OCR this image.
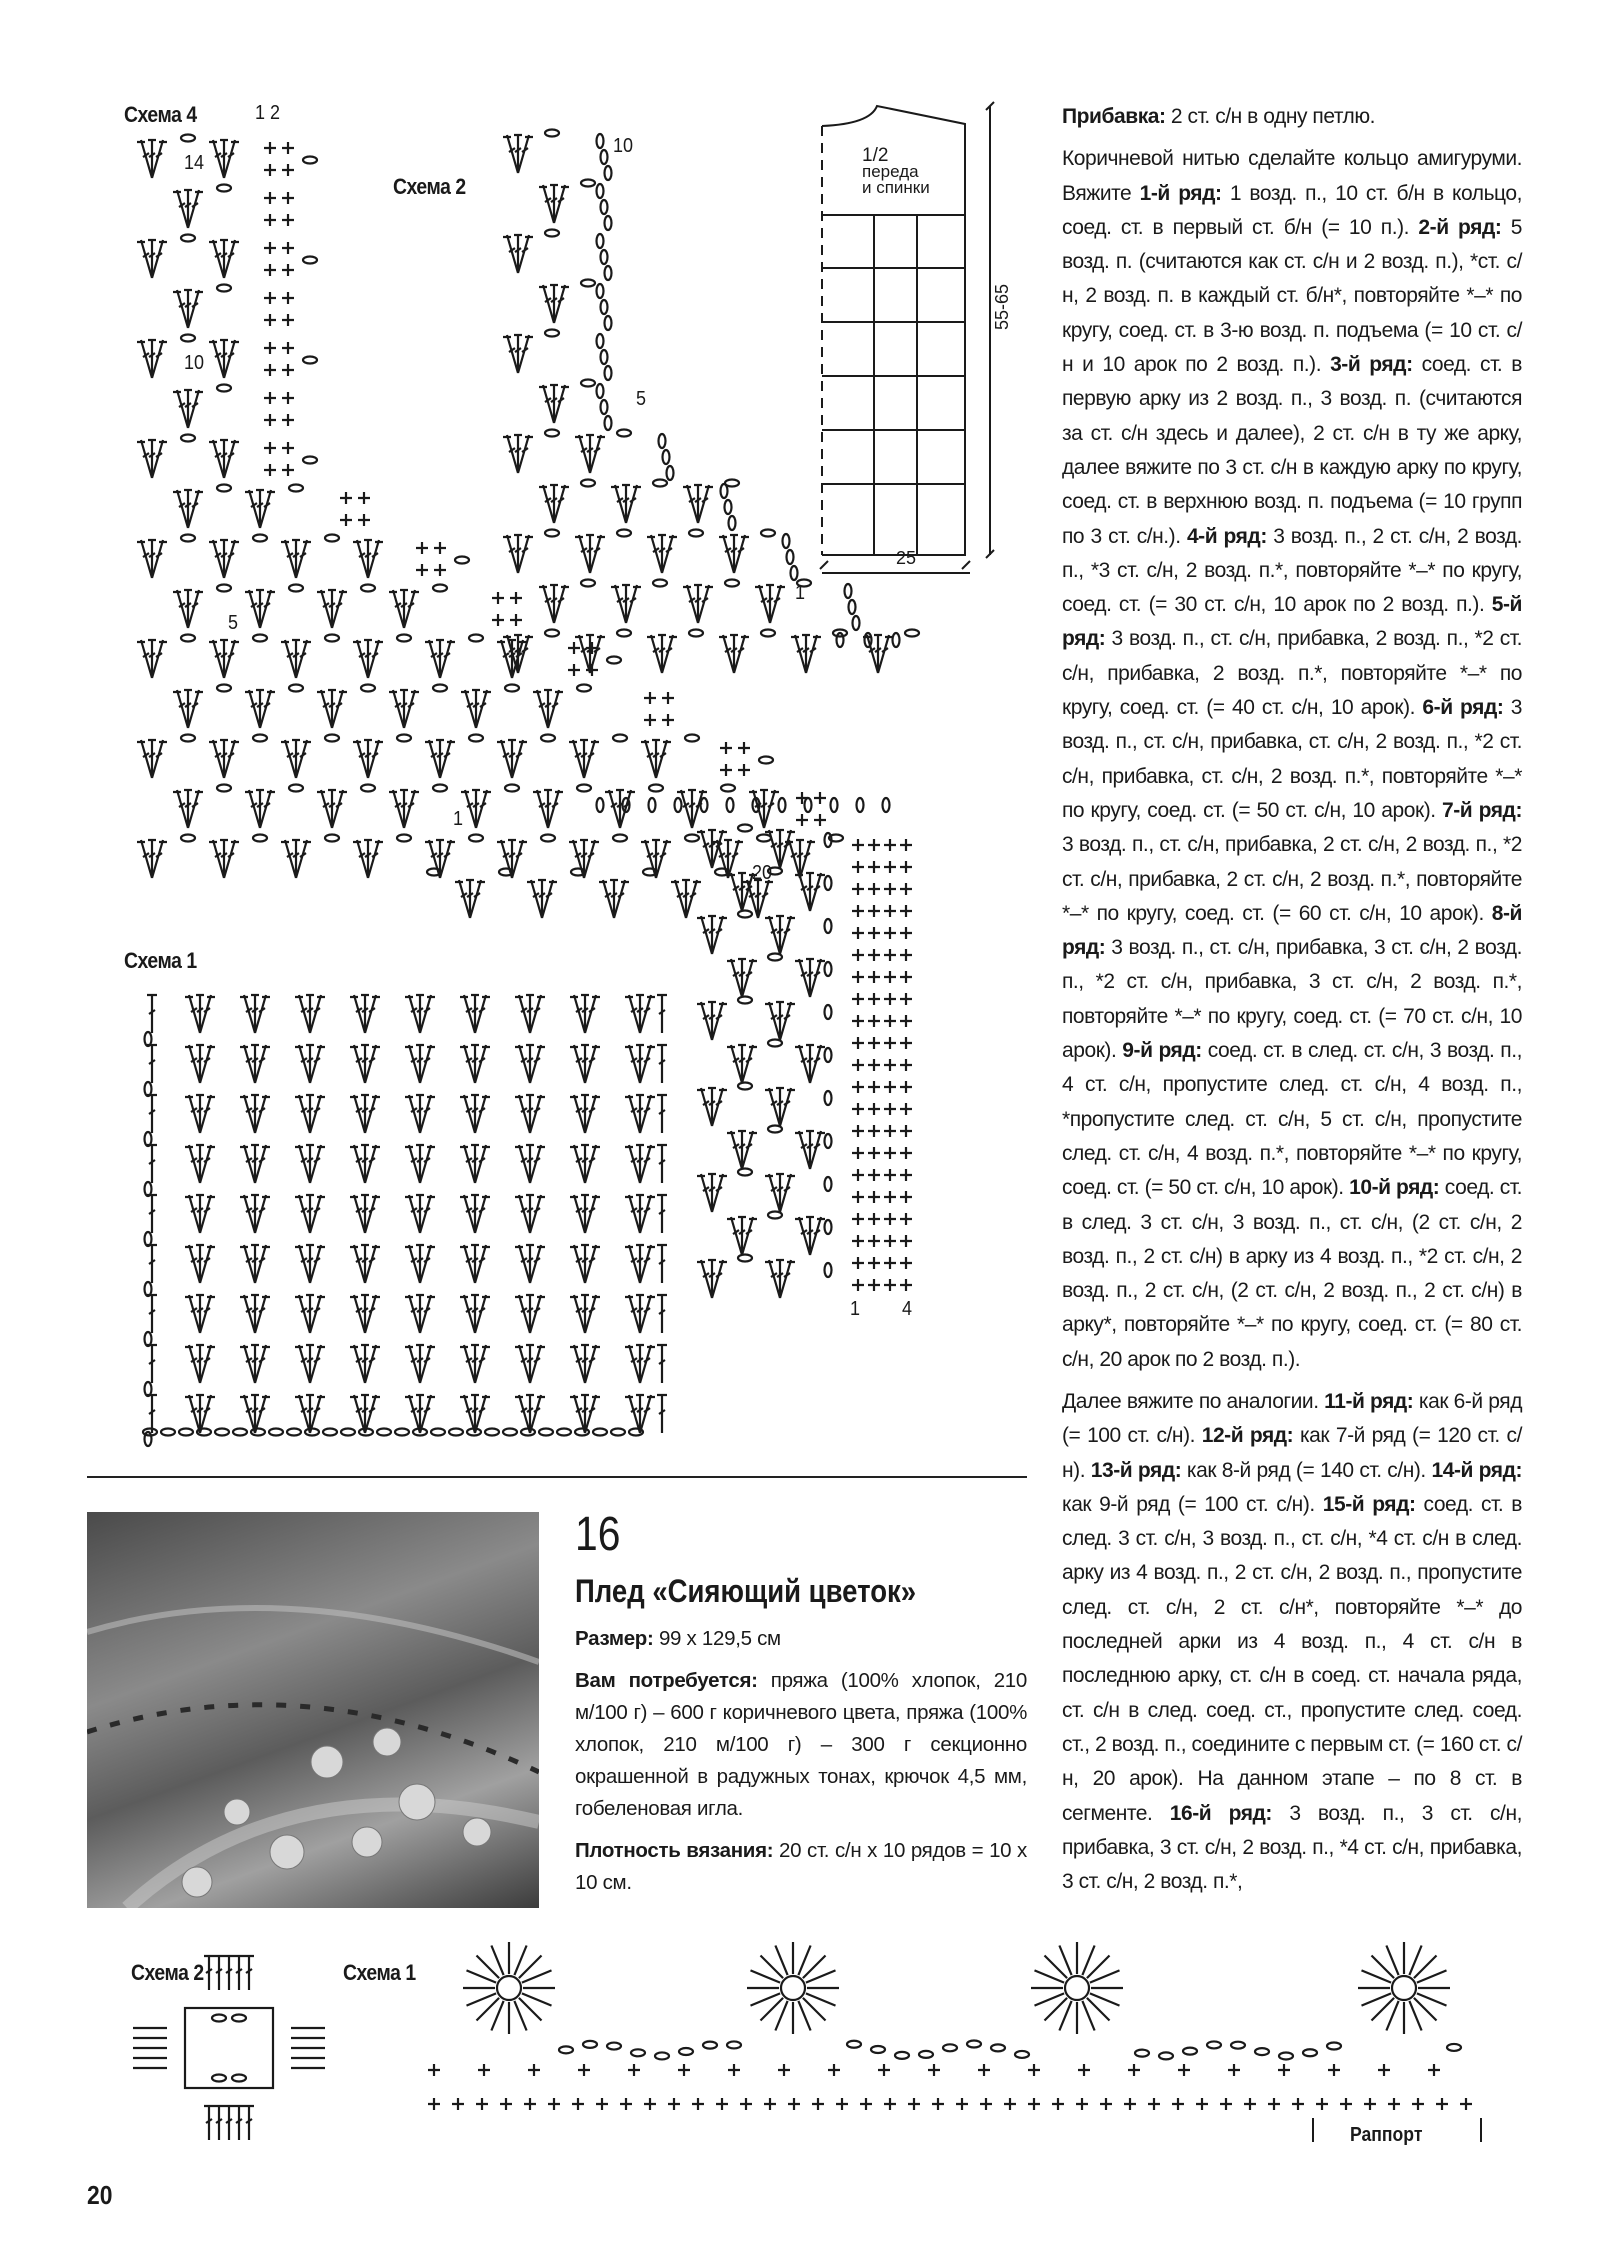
Схема 4	1 2
14
10
5
1
20
1 4
Схема 2
10
5
1
Схема 1
1/2
переда
и спинки
55-65
25

Прибавка: 2 ст. с/н в одну петлю.

Коричневой нитью сделайте кольцо амигуруми. Вяжите 1-й ряд: 1 возд. п., 10 ст. б/н в кольцо, соед. ст. в первый ст. б/н (= 10 п.). 2-й ряд: 5 возд. п. (считаются как ст. с/н и 2 возд. п.), *ст. с/н, 2 возд. п. в каждый ст. б/н*, повторяйте *–* по кругу, соед. ст. в 3-ю возд. п. подъема (= 10 ст. с/н и 10 арок по 2 возд. п.). 3-й ряд: соед. ст. в первую арку из 2 возд. п., 3 возд. п. (считаются за ст. с/н здесь и далее), 2 ст. с/н в ту же арку, далее вяжите по 3 ст. с/н в каждую арку по кругу, соед. ст. в верхнюю возд. п. подъема (= 10 групп по 3 ст. с/н.). 4-й ряд: 3 возд. п., 2 ст. с/н, 2 возд. п., *3 ст. с/н, 2 возд. п.*, повторяйте *–* по кругу, соед. ст. (= 30 ст. с/н, 10 арок по 2 возд. п.). 5-й ряд: 3 возд. п., ст. с/н, прибавка, 2 возд. п., *2 ст. с/н, прибавка, 2 возд. п.*, повторяйте *–* по кругу, соед. ст. (= 40 ст. с/н, 10 арок). 6-й ряд: 3 возд. п., ст. с/н, прибавка, ст. с/н, 2 возд. п., *2 ст. с/н, прибавка, ст. с/н, 2 возд. п.*, повторяйте *–* по кругу, соед. ст. (= 50 ст. с/н, 10 арок). 7-й ряд: 3 возд. п., ст. с/н, прибавка, 2 ст. с/н, 2 возд. п., *2 ст. с/н, прибавка, 2 ст. с/н, 2 возд. п.*, повторяйте *–* по кругу, соед. ст. (= 60 ст. с/н, 10 арок). 8-й ряд: 3 возд. п., ст. с/н, прибавка, 3 ст. с/н, 2 возд. п., *2 ст. с/н, прибавка, 3 ст. с/н, 2 возд. п.*, повторяйте *–* по кругу, соед. ст. (= 70 ст. с/н, 10 арок). 9-й ряд: соед. ст. в след. ст. с/н, 3 возд. п., 4 ст. с/н, пропустите след. ст. с/н, 4 возд. п., *пропустите след. ст. с/н, 5 ст. с/н, пропустите след. ст. с/н, 4 возд. п.*, повторяйте *–* по кругу, соед. ст. (= 50 ст. с/н, 10 арок). 10-й ряд: соед. ст. в след. 3 ст. с/н, 3 возд. п., ст. с/н, (2 ст. с/н, 2 возд. п., 2 ст. с/н) в арку из 4 возд. п., *2 ст. с/н, 2 возд. п., 2 ст. с/н, (2 ст. с/н, 2 возд. п., 2 ст. с/н) в арку*, повторяйте *–* по кругу, соед. ст. (= 80 ст. с/н, 20 арок по 2 возд. п.).

Далее вяжите по аналогии. 11-й ряд: как 6-й ряд (= 100 ст. с/н). 12-й ряд: как 7-й ряд (= 120 ст. с/н). 13-й ряд: как 8-й ряд (= 140 ст. с/н). 14-й ряд: как 9-й ряд (= 100 ст. с/н). 15-й ряд: соед. ст. в след. 3 ст. с/н, 3 возд. п., ст. с/н, *4 ст. с/н в след. арку из 4 возд. п., 2 ст. с/н, 2 возд. п., пропустите след. ст. с/н, 2 ст. с/н*, повторяйте *–* до последней арки из 4 возд. п., 4 ст. с/н в последнюю арку, ст. с/н в соед. ст. начала ряда, ст. с/н в след. соед. ст., пропустите след. соед. ст., 2 возд. п., соедините с первым ст. (= 160 ст. с/н, 20 арок). На данном этапе – по 8 ст. в сегменте. 16-й ряд: 3 возд. п., 3 ст. с/н, прибавка, 3 ст. с/н, 2 возд. п., *4 ст. с/н, прибавка, 3 ст. с/н, 2 возд. п.*,

16
Плед «Сияющий цветок»

Размер: 99 х 129,5 см

Вам потребуется: пряжа (100% хлопок, 210 м/100 г) – 600 г коричневого цвета, пряжа (100% хлопок, 210 м/100 г) – 300 г секционно окрашенной в радужных тонах, крючок 4,5 мм, гобеленовая игла.

Плотность вязания: 20 ст. с/н х 10 рядов = 10 х 10 см.

Схема 2	Схема 1
Раппорт
20
